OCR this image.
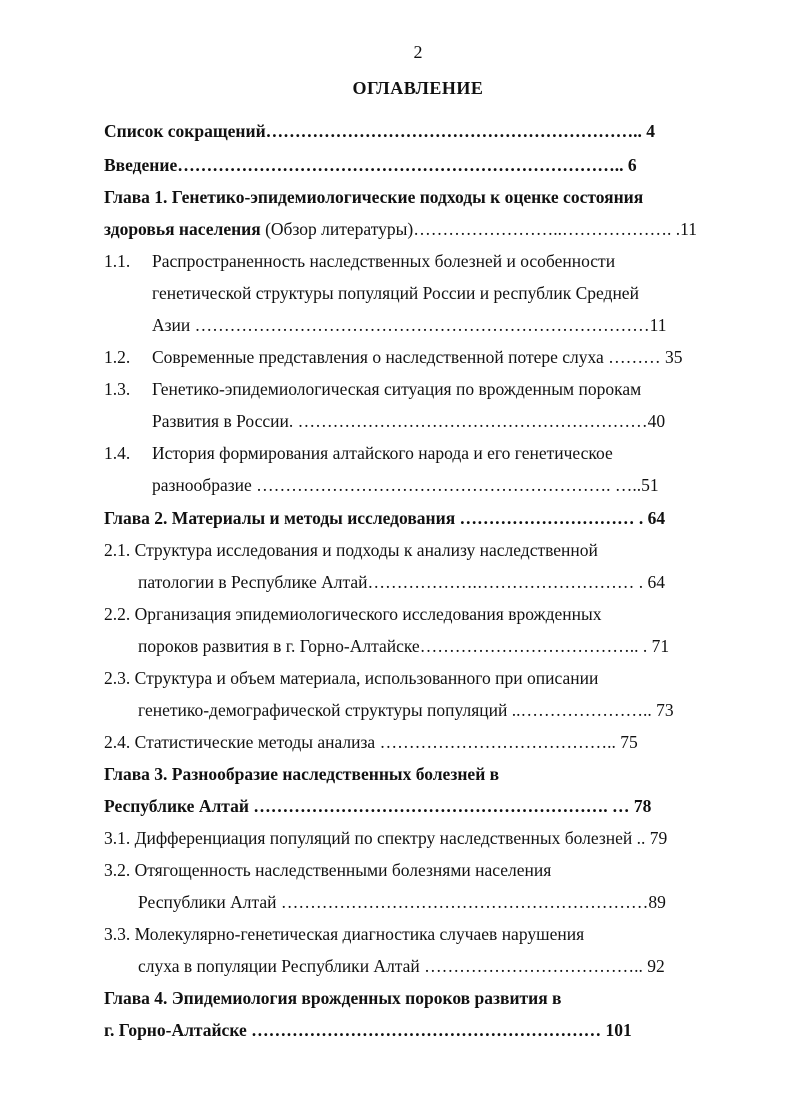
2
ОГЛАВЛЕНИЕ
Список сокращений……………………………………………………….. 4
Введение………………………………………………………………….. 6
Глава 1. Генетико-эпидемиологические подходы к оценке состояния
здоровья населения (Обзор литературы)……………………..………………. .11
1.1. Распространенность наследственных болезней и особенности
генетической структуры популяций России и республик Средней
Азии ……………………………………………………………………11
1.2. Современные представления о наследственной потере слуха ……… 35
1.3. Генетико-эпидемиологическая ситуация по врожденным порокам
Развития в России. ……………………………………………………40
1.4. История формирования алтайского народа и его генетическое
разнообразие ……………………………………………………. …..51
Глава 2. Материалы и методы исследования ………………………… . 64
2.1. Структура исследования и подходы к анализу наследственной
патологии в Республике Алтай……………….……………………… . 64
2.2. Организация эпидемиологического исследования врожденных
пороков развития в г. Горно-Алтайске……………………………….. . 71
2.3. Структура и объем материала, использованного при описании
генетико-демографической структуры популяций ..………………….. 73
2.4. Статистические методы анализа ………………………………….. 75
Глава 3. Разнообразие наследственных болезней в
Республике Алтай ……………………………………………………. … 78
3.1. Дифференциация популяций по спектру наследственных болезней .. 79
3.2. Отягощенность наследственными болезнями населения
Республики Алтай ………………………………………………………89
3.3. Молекулярно-генетическая диагностика случаев нарушения
слуха в популяции Республики Алтай ……………………………….. 92
Глава 4. Эпидемиология врожденных пороков развития в
г. Горно-Алтайске …………………………………………………… 101
